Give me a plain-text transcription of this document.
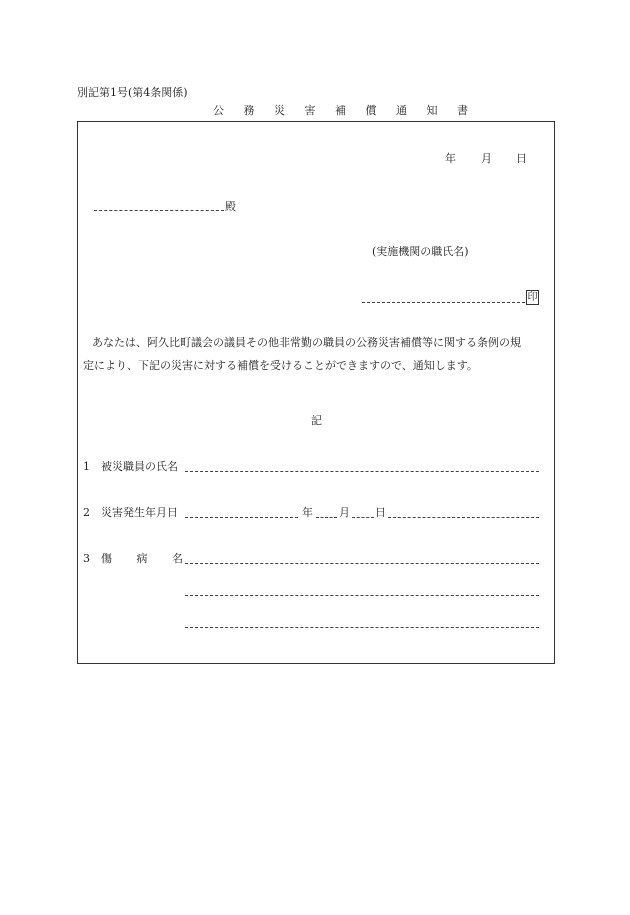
別記第1号(第4条関係)
公 務 災 害 補 償 通 知 書
年 月 日
殿
(実施機関の職氏名)
印
あなたは、阿久比町議会の議員その他非常勤の職員の公務災害補償等に関する条例の規
定により、下記の災害に対する補償を受けることができますので、通知します。
記
1 被災職員の氏名
2 災害発生年月日	年 月 日
3 傷 病 名
